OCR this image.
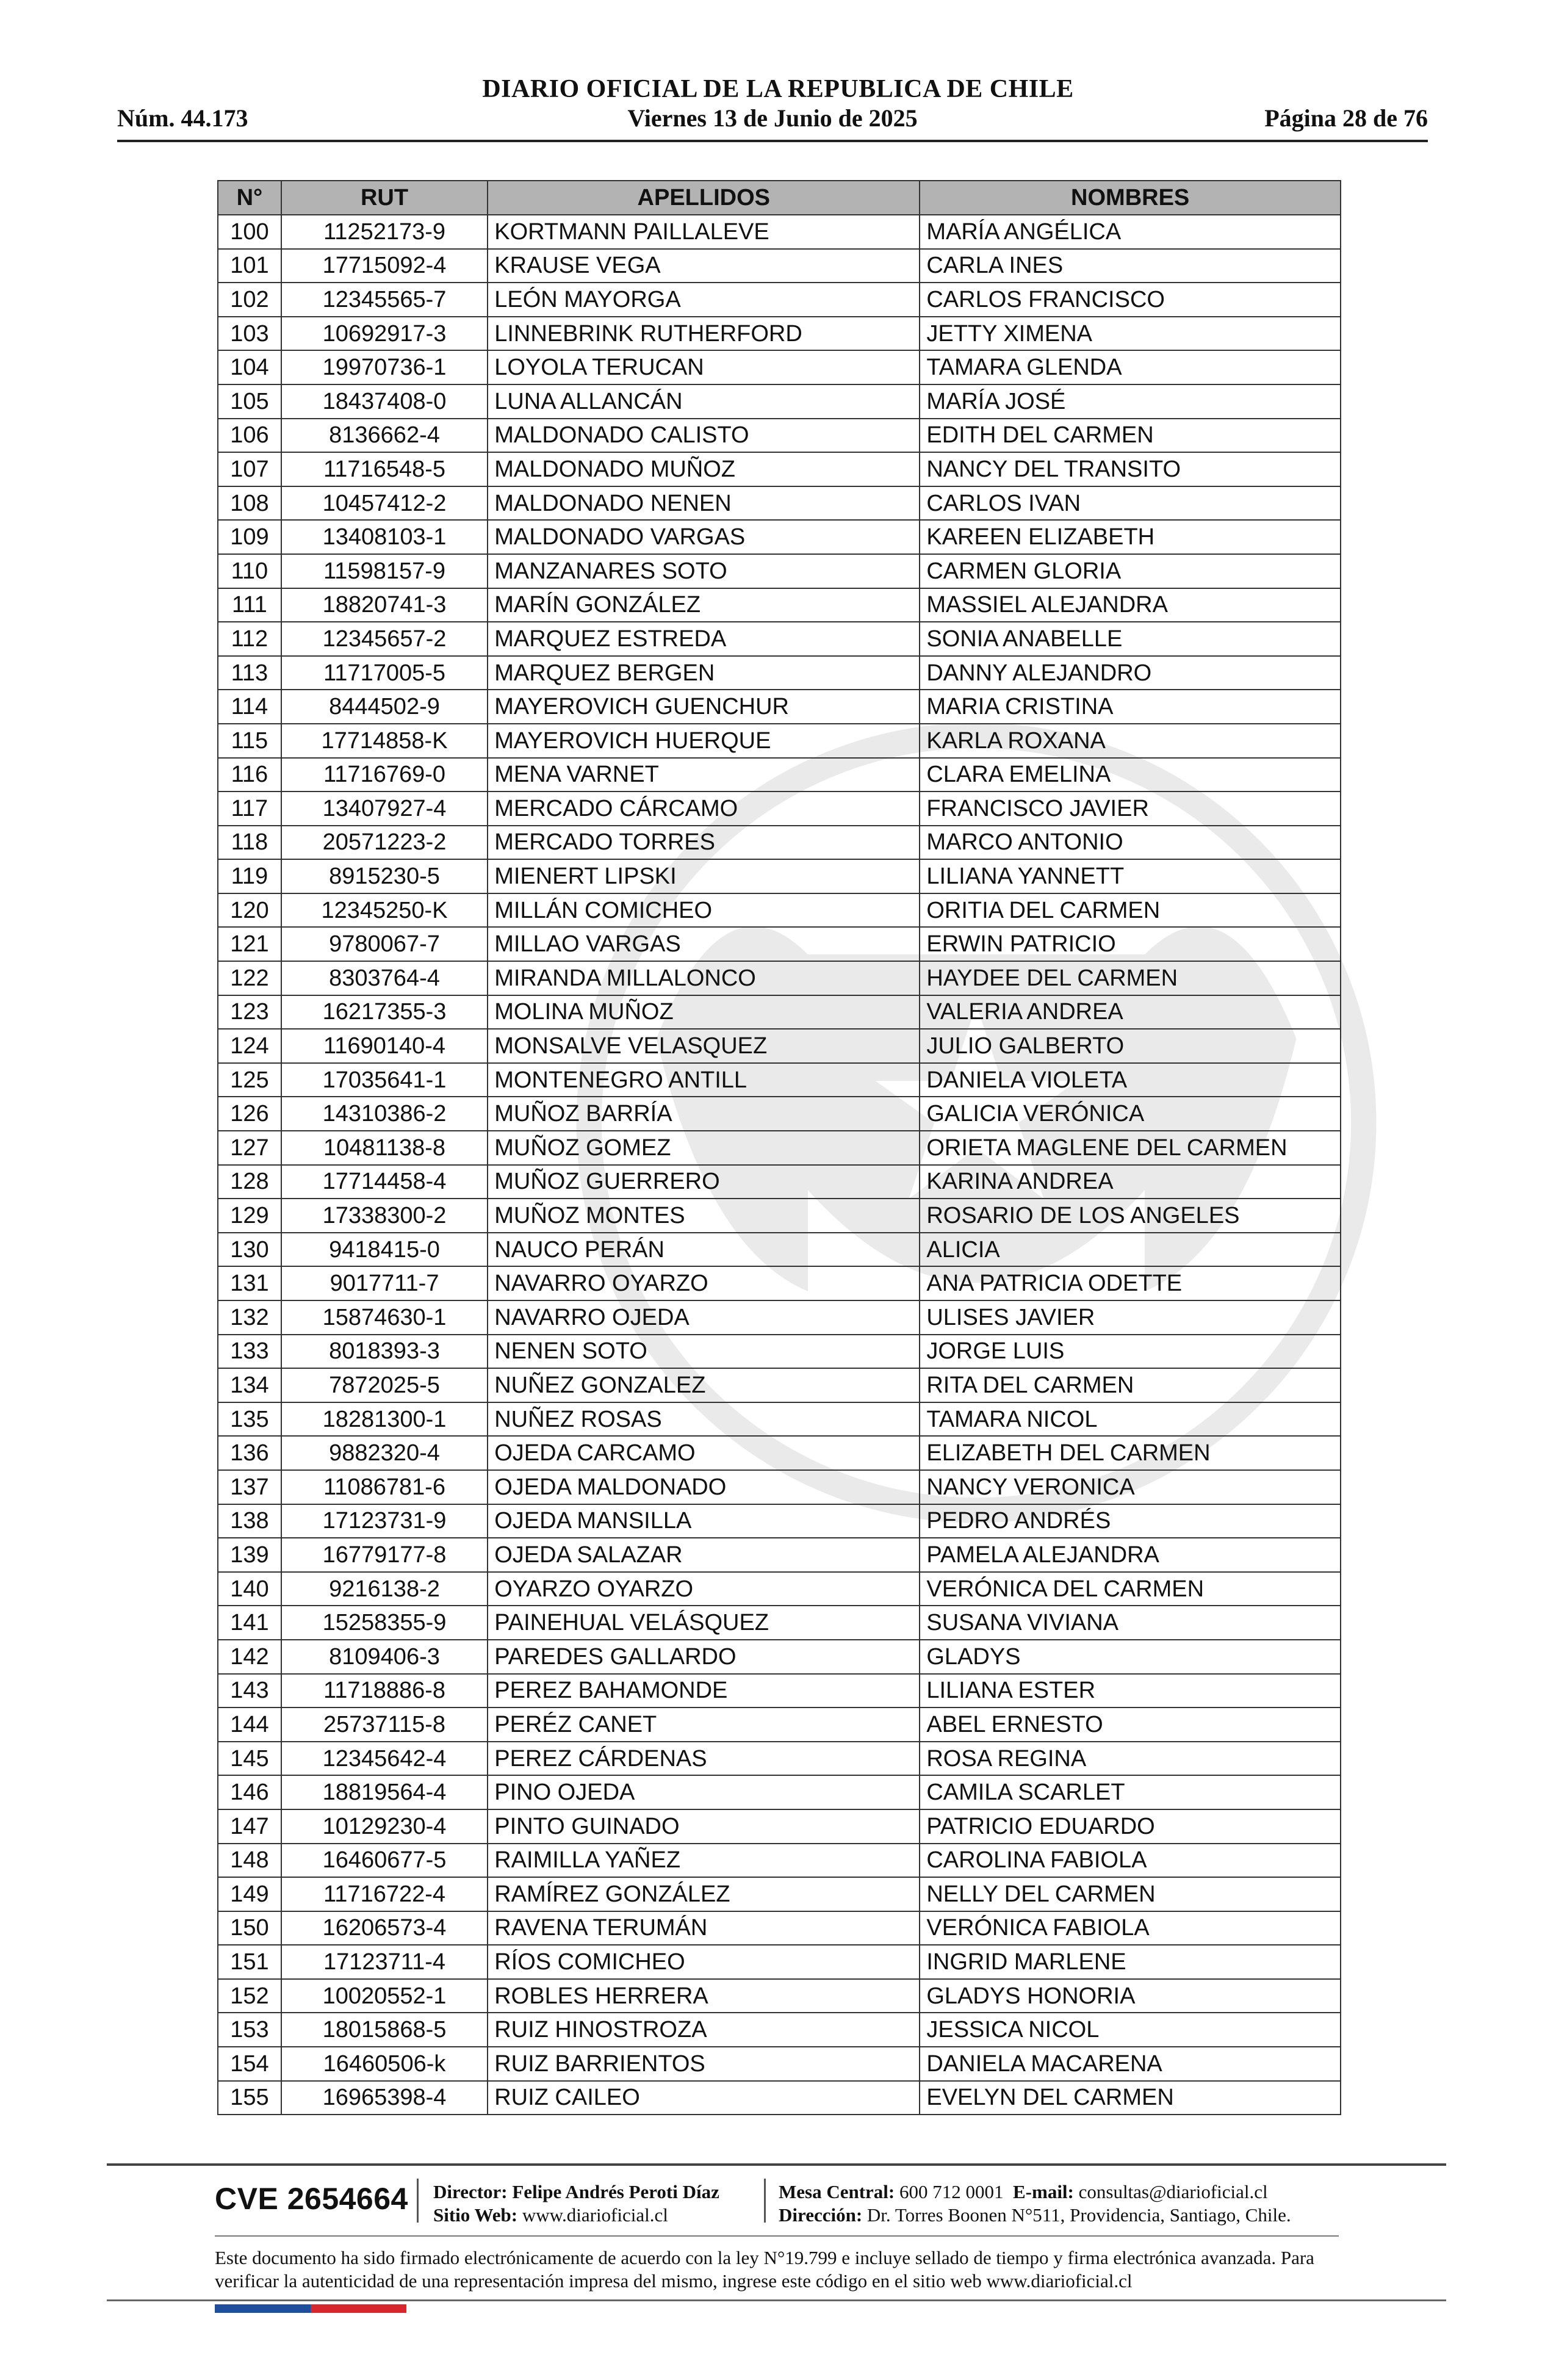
DIARIO OFICIAL DE LA REPUBLICA DE CHILE
Núm. 44.173	Viernes 13 de Junio de 2025	Página 28 de 76
N°	RUT	APELLIDOS	NOMBRES
100	11252173-9	KORTMANN PAILLALEVE	MARÍA ANGÉLICA
101	17715092-4	KRAUSE VEGA	CARLA INES
102	12345565-7	LEÓN MAYORGA	CARLOS FRANCISCO
103	10692917-3	LINNEBRINK RUTHERFORD	JETTY XIMENA
104	19970736-1	LOYOLA TERUCAN	TAMARA GLENDA
105	18437408-0	LUNA ALLANCÁN	MARÍA JOSÉ
106	8136662-4	MALDONADO CALISTO	EDITH DEL CARMEN
107	11716548-5	MALDONADO MUÑOZ	NANCY DEL TRANSITO
108	10457412-2	MALDONADO NENEN	CARLOS IVAN
109	13408103-1	MALDONADO VARGAS	KAREEN ELIZABETH
110	11598157-9	MANZANARES SOTO	CARMEN GLORIA
111	18820741-3	MARÍN GONZÁLEZ	MASSIEL ALEJANDRA
112	12345657-2	MARQUEZ ESTREDA	SONIA ANABELLE
113	11717005-5	MARQUEZ BERGEN	DANNY ALEJANDRO
114	8444502-9	MAYEROVICH GUENCHUR	MARIA CRISTINA
115	17714858-K	MAYEROVICH HUERQUE	KARLA ROXANA
116	11716769-0	MENA VARNET	CLARA EMELINA
117	13407927-4	MERCADO CÁRCAMO	FRANCISCO JAVIER
118	20571223-2	MERCADO TORRES	MARCO ANTONIO
119	8915230-5	MIENERT LIPSKI	LILIANA YANNETT
120	12345250-K	MILLÁN COMICHEO	ORITIA DEL CARMEN
121	9780067-7	MILLAO VARGAS	ERWIN PATRICIO
122	8303764-4	MIRANDA MILLALONCO	HAYDEE DEL CARMEN
123	16217355-3	MOLINA MUÑOZ	VALERIA ANDREA
124	11690140-4	MONSALVE VELASQUEZ	JULIO GALBERTO
125	17035641-1	MONTENEGRO ANTILL	DANIELA VIOLETA
126	14310386-2	MUÑOZ BARRÍA	GALICIA VERÓNICA
127	10481138-8	MUÑOZ GOMEZ	ORIETA MAGLENE DEL CARMEN
128	17714458-4	MUÑOZ GUERRERO	KARINA ANDREA
129	17338300-2	MUÑOZ MONTES	ROSARIO DE LOS ANGELES
130	9418415-0	NAUCO PERÁN	ALICIA
131	9017711-7	NAVARRO OYARZO	ANA PATRICIA ODETTE
132	15874630-1	NAVARRO OJEDA	ULISES JAVIER
133	8018393-3	NENEN SOTO	JORGE LUIS
134	7872025-5	NUÑEZ GONZALEZ	RITA DEL CARMEN
135	18281300-1	NUÑEZ ROSAS	TAMARA NICOL
136	9882320-4	OJEDA CARCAMO	ELIZABETH DEL CARMEN
137	11086781-6	OJEDA MALDONADO	NANCY VERONICA
138	17123731-9	OJEDA MANSILLA	PEDRO ANDRÉS
139	16779177-8	OJEDA SALAZAR	PAMELA ALEJANDRA
140	9216138-2	OYARZO OYARZO	VERÓNICA DEL CARMEN
141	15258355-9	PAINEHUAL VELÁSQUEZ	SUSANA VIVIANA
142	8109406-3	PAREDES GALLARDO	GLADYS
143	11718886-8	PEREZ BAHAMONDE	LILIANA ESTER
144	25737115-8	PERÉZ CANET	ABEL ERNESTO
145	12345642-4	PEREZ CÁRDENAS	ROSA REGINA
146	18819564-4	PINO OJEDA	CAMILA SCARLET
147	10129230-4	PINTO GUINADO	PATRICIO EDUARDO
148	16460677-5	RAIMILLA YAÑEZ	CAROLINA FABIOLA
149	11716722-4	RAMÍREZ GONZÁLEZ	NELLY DEL CARMEN
150	16206573-4	RAVENA TERUMÁN	VERÓNICA FABIOLA
151	17123711-4	RÍOS COMICHEO	INGRID MARLENE
152	10020552-1	ROBLES HERRERA	GLADYS HONORIA
153	18015868-5	RUIZ HINOSTROZA	JESSICA NICOL
154	16460506-k	RUIZ BARRIENTOS	DANIELA MACARENA
155	16965398-4	RUIZ CAILEO	EVELYN DEL CARMEN
CVE 2654664 Director: Felipe Andrés Peroti Díaz
Sitio Web: www.diarioficial.cl
Mesa Central: 600 712 0001 E-mail: consultas@diarioficial.cl
Dirección: Dr. Torres Boonen N°511, Providencia, Santiago, Chile.
Este documento ha sido firmado electrónicamente de acuerdo con la ley N°19.799 e incluye sellado de tiempo y firma electrónica avanzada. Para verificar la autenticidad de una representación impresa del mismo, ingrese este código en el sitio web www.diarioficial.cl
